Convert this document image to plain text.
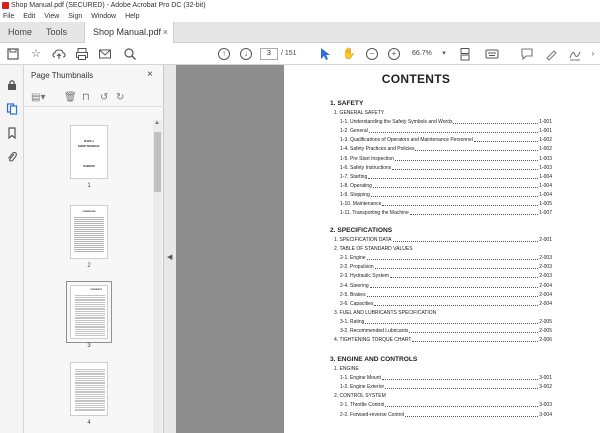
Shop Manual.pdf (SECURED) - Adobe Acrobat Pro DC (32-bit)
File Edit View Sign Window Help
Home Tools	Shop Manual.pdf ×
☆	↑	↓	3	/ 151	✋	−	+	66.7%	▾	›
Page Thumbnails	×
▤▾ 🗑 ⊓ ↺ ↻
R120-z
SHOP MANUAL
DAEWOO
1
FOREWORD
2
CONTENTS
3
4
▲
◀
CONTENTS
1. SAFETY
1. GENERAL SAFETY
1-1. Understanding the Safety Symbols and Words	1-001
1-2. General	1-001
1-3. Qualifications of Operators and Maintenance Personnel	1-002
1-4. Safety Practices and Policies	1-002
1-5. Pre Start Inspection	1-003
1-6. Safety Instructions	1-003
1-7. Starting	1-004
1-8. Operating	1-004
1-9. Stopping	1-004
1-10. Maintenance	1-005
1-11. Transporting the Machine	1-007
2. SPECIFICATIONS
1. SPECIFICATION DATA	2-001
2. TABLE OF STANDARD VALUES
2-1. Engine	2-003
2-2. Propulsion	2-003
2-3. Hydraulic System	2-003
2-4. Steering	2-004
2-5. Brakes	2-004
2-6. Capacities	2-004
3. FUEL AND LUBRICANTS SPECIFICATION
3-1. Rating	2-005
3-2. Recommended Lubricants	2-005
4. TIGHTENING TORQUE CHART	2-006
3. ENGINE AND CONTROLS
1. ENGINE
1-1. Engine Mount	3-001
1-2. Engine Exterior	3-002
2. CONTROL SYSTEM
2-1. Throttle Control	3-003
2-2. Forward-reverse Control	3-004
